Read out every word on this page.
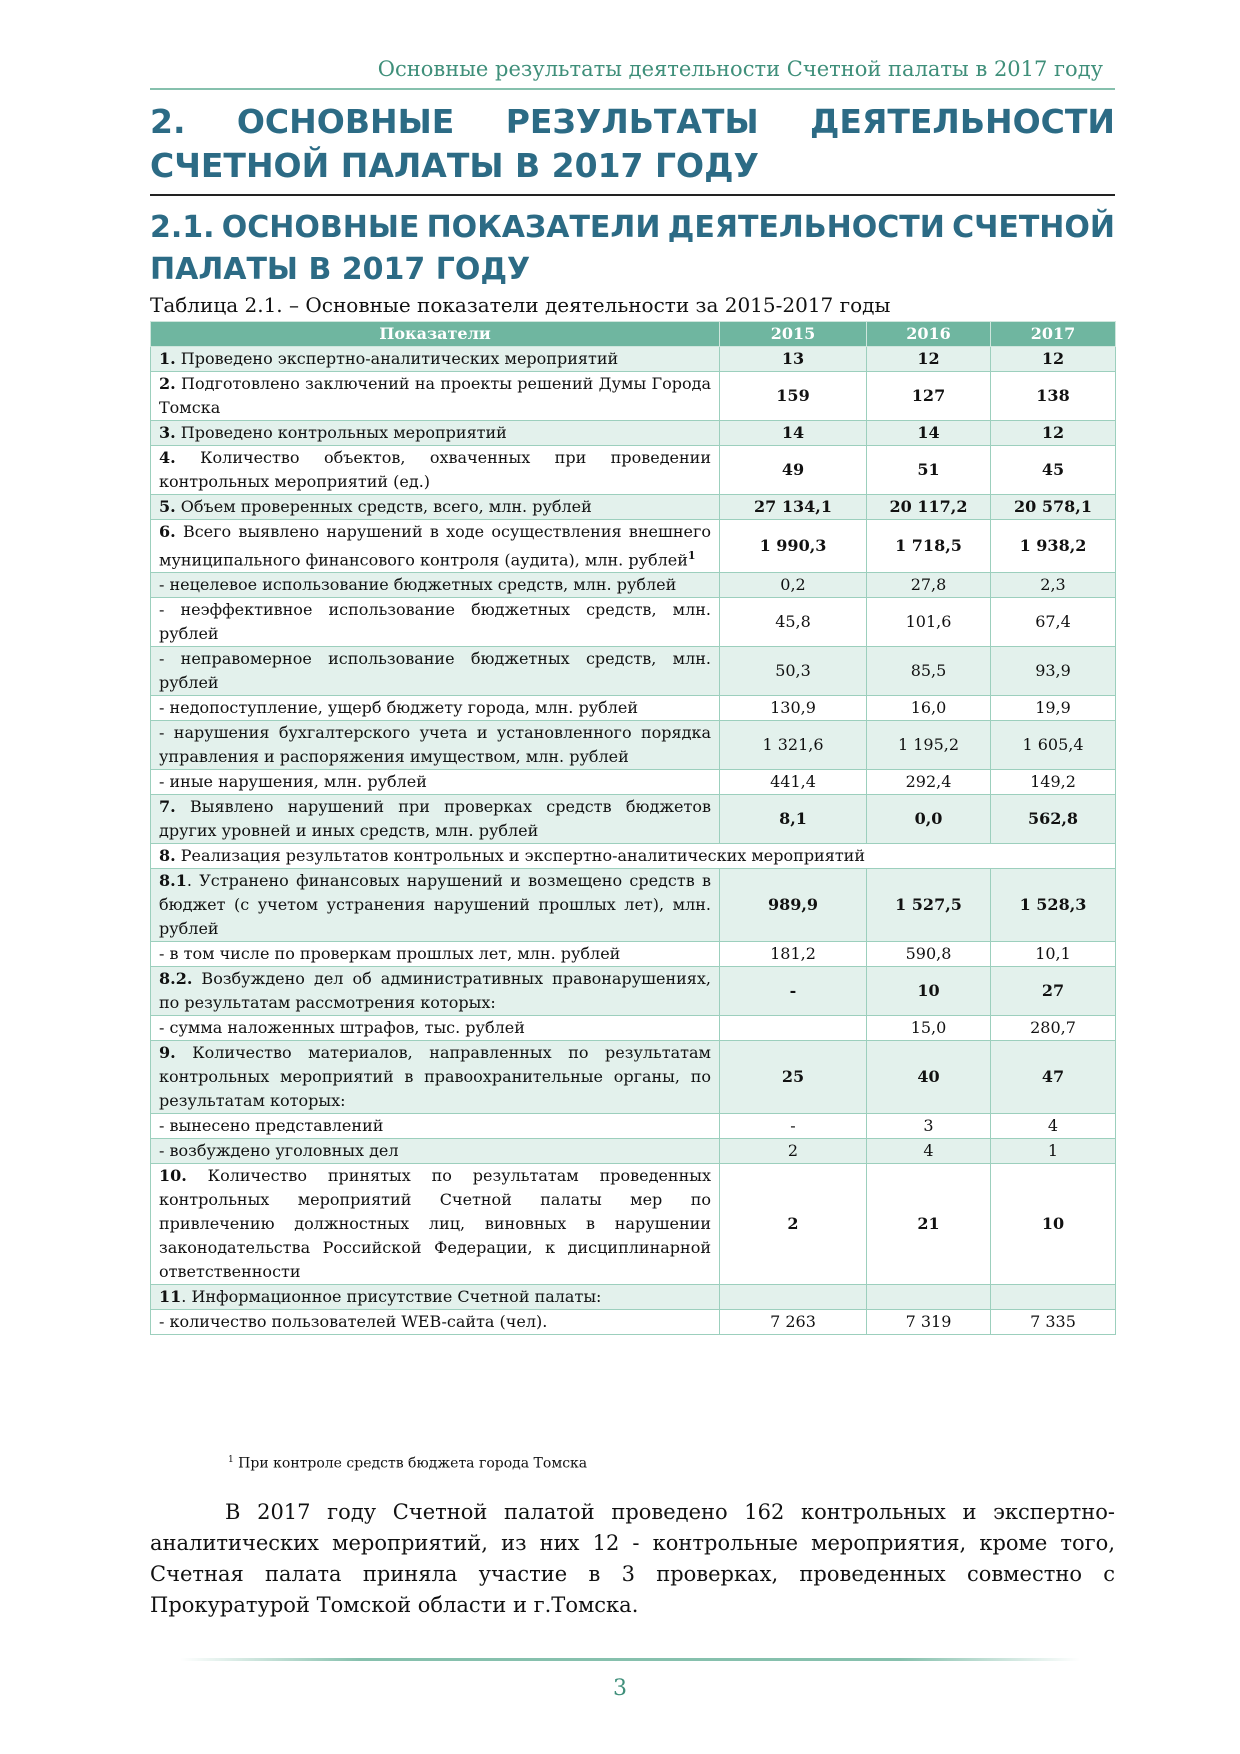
Основные результаты деятельности Счетной палаты в 2017 году
2. ОСНОВНЫЕ РЕЗУЛЬТАТЫ ДЕЯТЕЛЬНОСТИ
СЧЕТНОЙ ПАЛАТЫ В 2017 ГОДУ
2.1. ОСНОВНЫЕ ПОКАЗАТЕЛИ ДЕЯТЕЛЬНОСТИ СЧЕТНОЙ
ПАЛАТЫ В 2017 ГОДУ
Таблица 2.1. – Основные показатели деятельности за 2015-2017 годы
Показатели	2015	2016	2017
1. Проведено экспертно-аналитических мероприятий	13	12	12
2. Подготовлено заключений на проекты решений Думы Города Томска	159	127	138
3. Проведено контрольных мероприятий	14	14	12
4. Количество объектов, охваченных при проведении контрольных мероприятий (ед.)	49	51	45
5. Объем проверенных средств, всего, млн. рублей	27 134,1	20 117,2	20 578,1
6. Всего выявлено нарушений в ходе осуществления внешнего муниципального финансового контроля (аудита), млн. рублей$^1$	1 990,3	1 718,5	1 938,2
- нецелевое использование бюджетных средств, млн. рублей	0,2	27,8	2,3
- неэффективное использование бюджетных средств, млн. рублей	45,8	101,6	67,4
- неправомерное использование бюджетных средств, млн. рублей	50,3	85,5	93,9
- недопоступление, ущерб бюджету города, млн. рублей	130,9	16,0	19,9
- нарушения бухгалтерского учета и установленного порядка управления и распоряжения имуществом, млн. рублей	1 321,6	1 195,2	1 605,4
- иные нарушения, млн. рублей	441,4	292,4	149,2
7. Выявлено нарушений при проверках средств бюджетов других уровней и иных средств, млн. рублей	8,1	0,0	562,8
8. Реализация результатов контрольных и экспертно-аналитических мероприятий			
8.1. Устранено финансовых нарушений и возмещено средств в бюджет (с учетом устранения нарушений прошлых лет), млн. рублей	989,9	1 527,5	1 528,3
- в том числе по проверкам прошлых лет, млн. рублей	181,2	590,8	10,1
8.2. Возбуждено дел об административных правонарушениях, по результатам рассмотрения которых:	-	10	27
- сумма наложенных штрафов, тыс. рублей		15,0	280,7
9. Количество материалов, направленных по результатам контрольных мероприятий в правоохранительные органы, по результатам которых:	25	40	47
- вынесено представлений	-	3	4
- возбуждено уголовных дел	2	4	1
10. Количество принятых по результатам проведенных контрольных мероприятий Счетной палаты мер по привлечению должностных лиц, виновных в нарушении законодательства Российской Федерации, к дисциплинарной ответственности	2	21	10
11. Информационное присутствие Счетной палаты:			
- количество пользователей WEB-сайта (чел).	7 263	7 319	7 335
$^1$ При контроле средств бюджета города Томска
В 2017 году Счетной палатой проведено 162 контрольных и экспертно-аналитических мероприятий, из них 12 - контрольные мероприятия, кроме того, Счетная палата приняла участие в 3 проверках, проведенных совместно с Прокуратурой Томской области и г.Томска.
3
